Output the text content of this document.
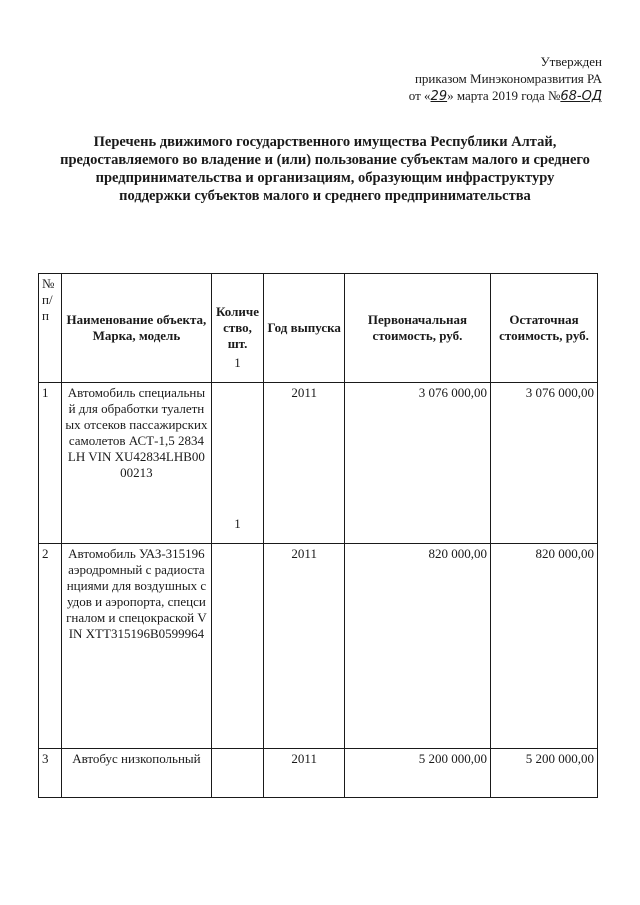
Утвержден
приказом Минэкономразвития РА
от «29» марта 2019 года №68-ОД
Перечень движимого государственного имущества Республики Алтай, предоставляемого во владение и (или) пользование субъектам малого и среднего предпринимательства и организациям, образующим инфраструктуру поддержки субъектов малого и среднего предпринимательства
№ п/п	Наименование объекта, Марка, модель	Количе ство, шт.	Год выпуска	Первоначальная стоимость, руб.	Остаточная стоимость, руб.
1	Автомобиль специальный для обработки туалетных отсеков пассажирских самолетов АСТ-1,5 2834LH VIN XU42834LHB0000213	1	2011	3 076 000,00	3 076 000,00
2	Автомобиль УАЗ-315196 аэродромный с радиостанциями для воздушных судов и аэропорта, спецсигналом и спецокраской VIN XTT315196B0599964	1	2011	820 000,00	820 000,00
3	Автобус низкопольный		2011	5 200 000,00	5 200 000,00
